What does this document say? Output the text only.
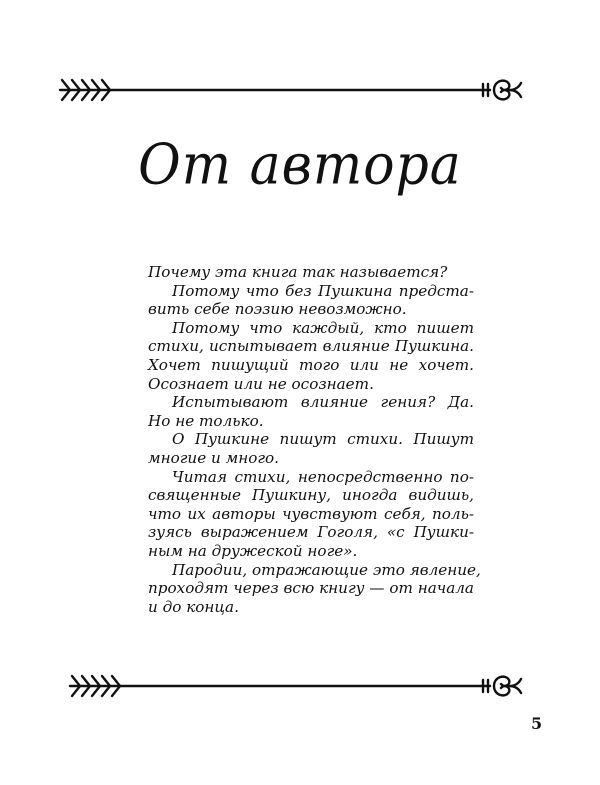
От автора
Почему эта книга так называется?
Потому что без Пушкина предста-
вить себе поэзию невозможно.
Потому что каждый, кто пишет
стихи, испытывает влияние Пушкина.
Хочет пишущий того или не хочет.
Осознает или не осознает.
Испытывают влияние гения? Да.
Но не только.
О Пушкине пишут стихи. Пишут
многие и много.
Читая стихи, непосредственно по-
священные Пушкину, иногда видишь,
что их авторы чувствуют себя, поль-
зуясь выражением Гоголя, «с Пушки-
ным на дружеской ноге».
Пародии, отражающие это явление,
проходят через всю книгу — от начала
и до конца.
5
